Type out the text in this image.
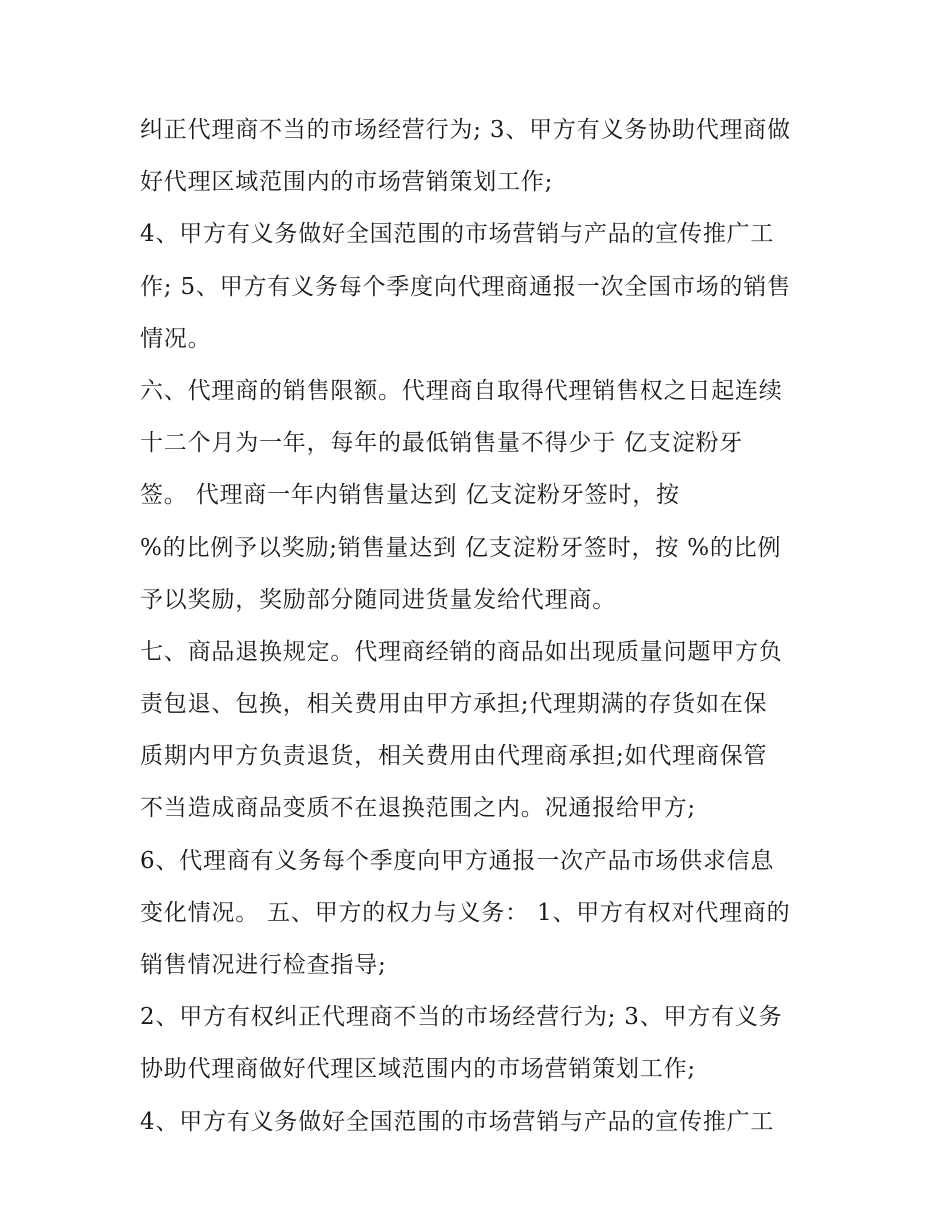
纠正代理商不当的市场经营行为; 3、甲方有义务协助代理商做
好代理区域范围内的市场营销策划工作;
4、甲方有义务做好全国范围的市场营销与产品的宣传推广工
作; 5、甲方有义务每个季度向代理商通报一次全国市场的销售
情况。
六、代理商的销售限额。代理商自取得代理销售权之日起连续
十二个月为一年，每年的最低销售量不得少于 亿支淀粉牙
签。 代理商一年内销售量达到 亿支淀粉牙签时，按
%的比例予以奖励;销售量达到 亿支淀粉牙签时，按 %的比例
予以奖励，奖励部分随同进货量发给代理商。
七、商品退换规定。代理商经销的商品如出现质量问题甲方负
责包退、包换，相关费用由甲方承担;代理期满的存货如在保
质期内甲方负责退货，相关费用由代理商承担;如代理商保管
不当造成商品变质不在退换范围之内。况通报给甲方;
6、代理商有义务每个季度向甲方通报一次产品市场供求信息
变化情况。 五、甲方的权力与义务： 1、甲方有权对代理商的
销售情况进行检查指导;
2、甲方有权纠正代理商不当的市场经营行为; 3、甲方有义务
协助代理商做好代理区域范围内的市场营销策划工作;
4、甲方有义务做好全国范围的市场营销与产品的宣传推广工
